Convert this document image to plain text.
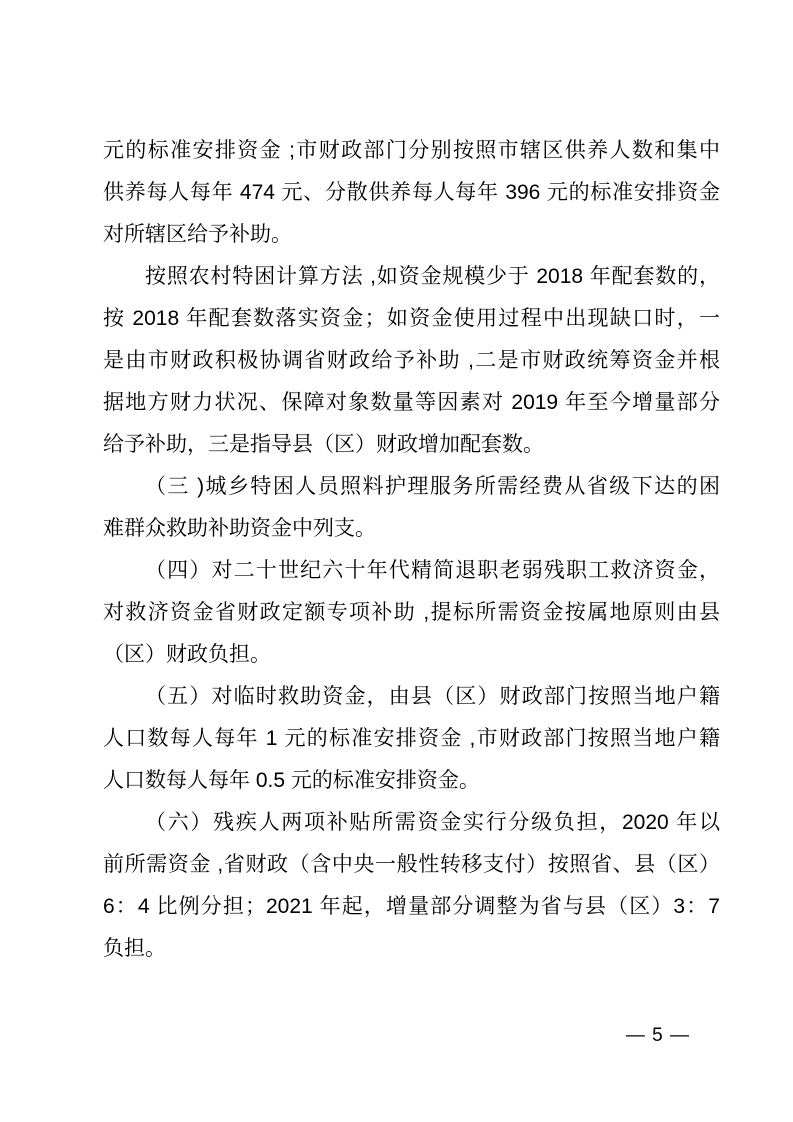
元的标准安排资金 ;市财政部门分别按照市辖区供养人数和集中
供养每人每年 474 元、分散供养每人每年 396 元的标准安排资金
对所辖区给予补助。
按照农村特困计算方法 ,如资金规模少于 2018 年配套数的，
按 2018 年配套数落实资金；如资金使用过程中出现缺口时，一
是由市财政积极协调省财政给予补助 ,二是市财政统筹资金并根
据地方财力状况、保障对象数量等因素对 2019 年至今增量部分
给予补助，三是指导县（区）财政增加配套数。
（三 )城乡特困人员照料护理服务所需经费从省级下达的困
难群众救助补助资金中列支。
（四）对二十世纪六十年代精简退职老弱残职工救济资金，
对救济资金省财政定额专项补助 ,提标所需资金按属地原则由县
（区）财政负担。
（五）对临时救助资金，由县（区）财政部门按照当地户籍
人口数每人每年 1 元的标准安排资金 ,市财政部门按照当地户籍
人口数每人每年 0.5 元的标准安排资金。
（六）残疾人两项补贴所需资金实行分级负担，2020 年以
前所需资金 ,省财政（含中央一般性转移支付）按照省、县（区）
6：4 比例分担；2021 年起，增量部分调整为省与县（区）3：7
负担。
— 5 —
